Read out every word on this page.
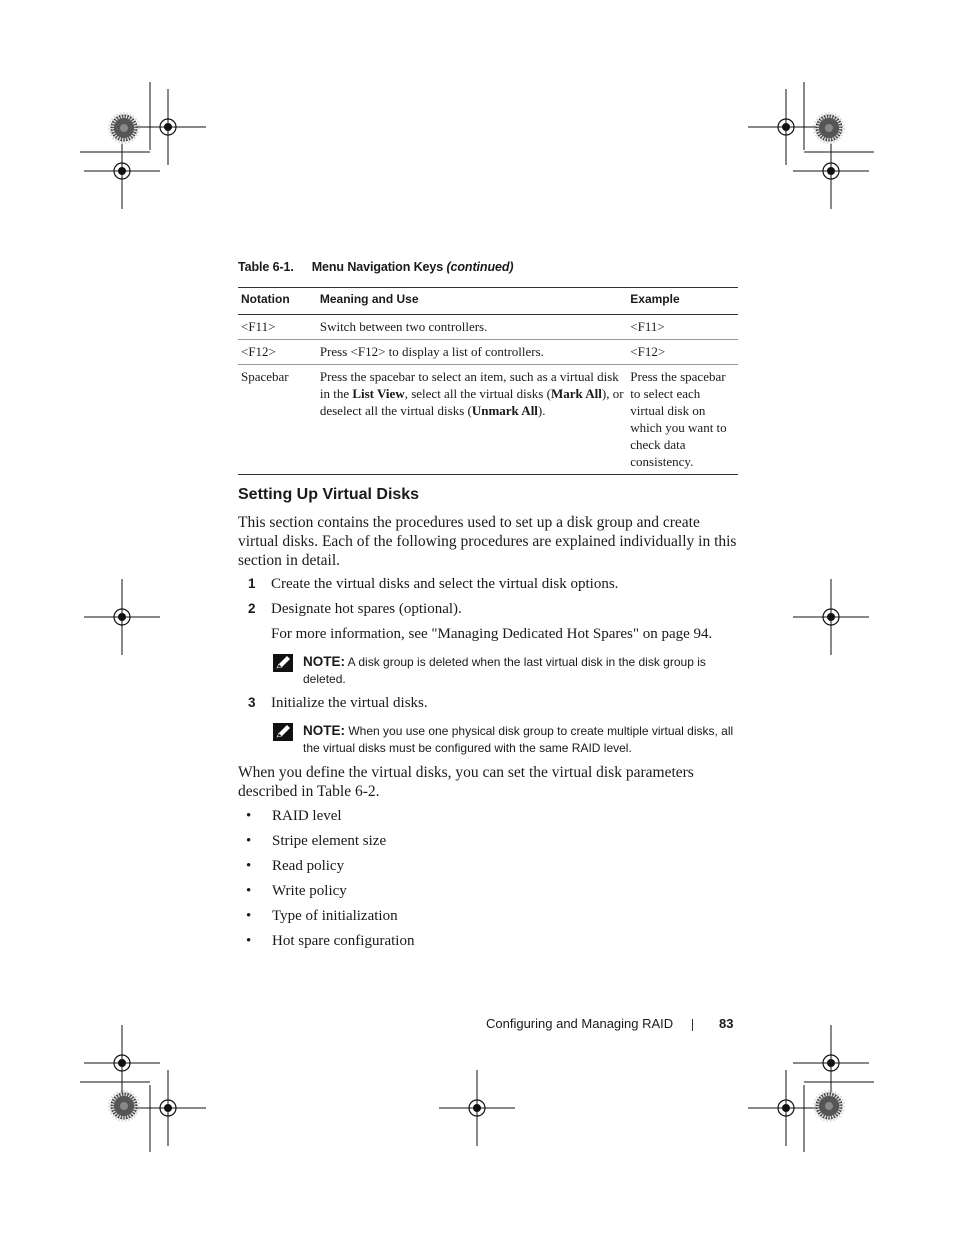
Table 6-1. Menu Navigation Keys (continued)
Notation	Meaning and Use	Example
<F11>	Switch between two controllers.	<F11>
<F12>	Press <F12> to display a list of controllers.	<F12>
Spacebar	Press the spacebar to select an item, such as a virtual disk in the List View, select all the virtual disks (Mark All), or deselect all the virtual disks (Unmark All).	Press the spacebar to select each virtual disk on which you want to check data consistency.
Setting Up Virtual Disks

This section contains the procedures used to set up a disk group and create virtual disks. Each of the following procedures are explained individually in this section in detail.

1 Create the virtual disks and select the virtual disk options.
2 Designate hot spares (optional).
For more information, see "Managing Dedicated Hot Spares" on page 94.
NOTE: A disk group is deleted when the last virtual disk in the disk group is deleted.
3 Initialize the virtual disks.
NOTE: When you use one physical disk group to create multiple virtual disks, all the virtual disks must be configured with the same RAID level.

When you define the virtual disks, you can set the virtual disk parameters described in Table 6-2.

• RAID level
• Stripe element size
• Read policy
• Write policy
• Type of initialization
• Hot spare configuration
Configuring and Managing RAID	83
